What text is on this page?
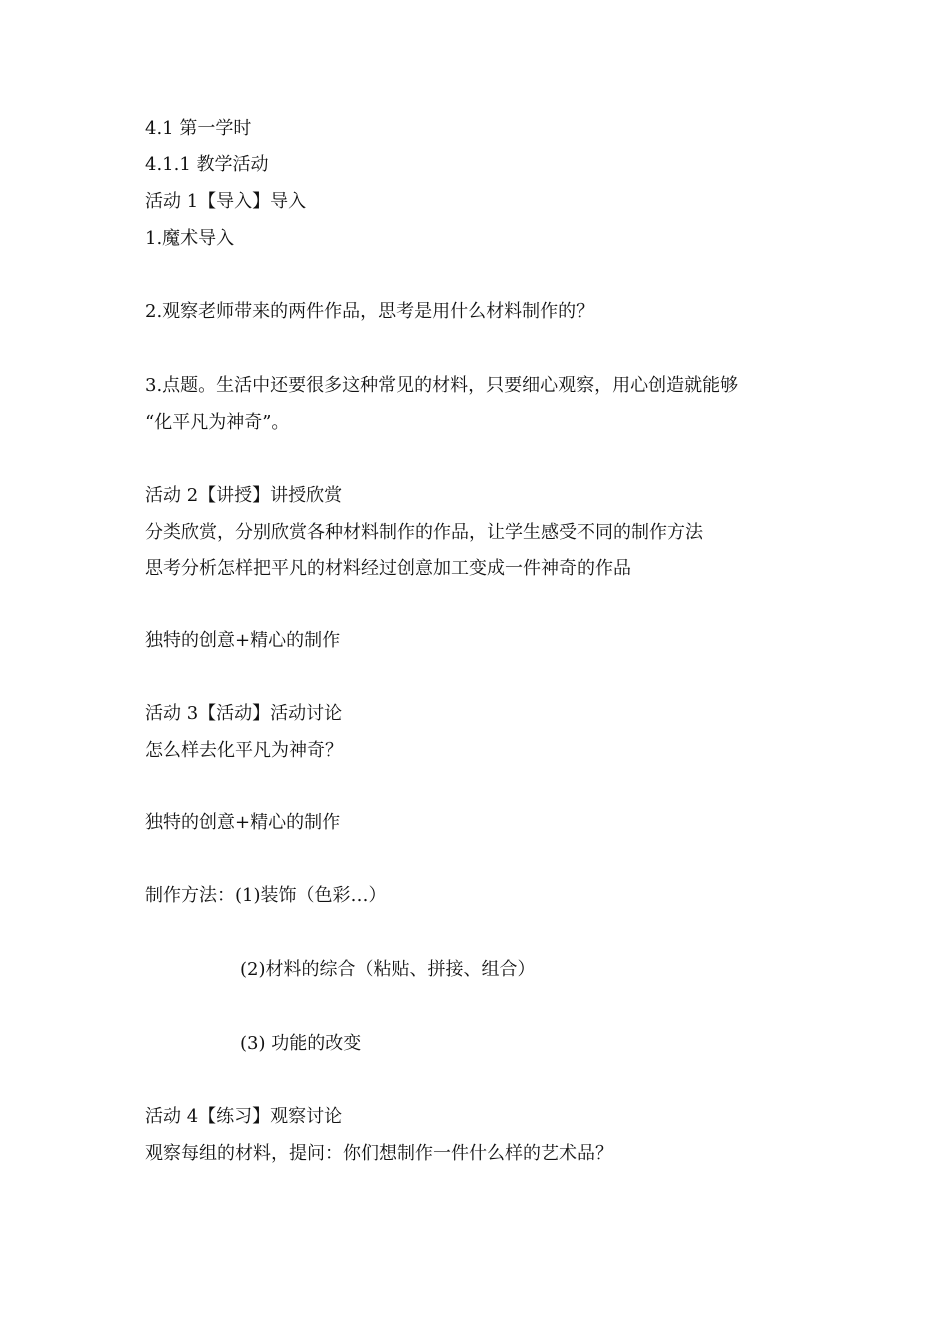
4.1 第一学时
4.1.1 教学活动
活动 1【导入】导入
1.魔术导入
2.观察老师带来的两件作品，思考是用什么材料制作的？
3.点题。生活中还要很多这种常见的材料，只要细心观察，用心创造就能够
“化平凡为神奇”。
活动 2【讲授】讲授欣赏
分类欣赏，分别欣赏各种材料制作的作品，让学生感受不同的制作方法
思考分析怎样把平凡的材料经过创意加工变成一件神奇的作品
独特的创意+精心的制作
活动 3【活动】活动讨论
怎么样去化平凡为神奇？
独特的创意+精心的制作
制作方法：(1)装饰（色彩…）
(2)材料的综合（粘贴、拼接、组合）
(3) 功能的改变
活动 4【练习】观察讨论
观察每组的材料，提问：你们想制作一件什么样的艺术品？
